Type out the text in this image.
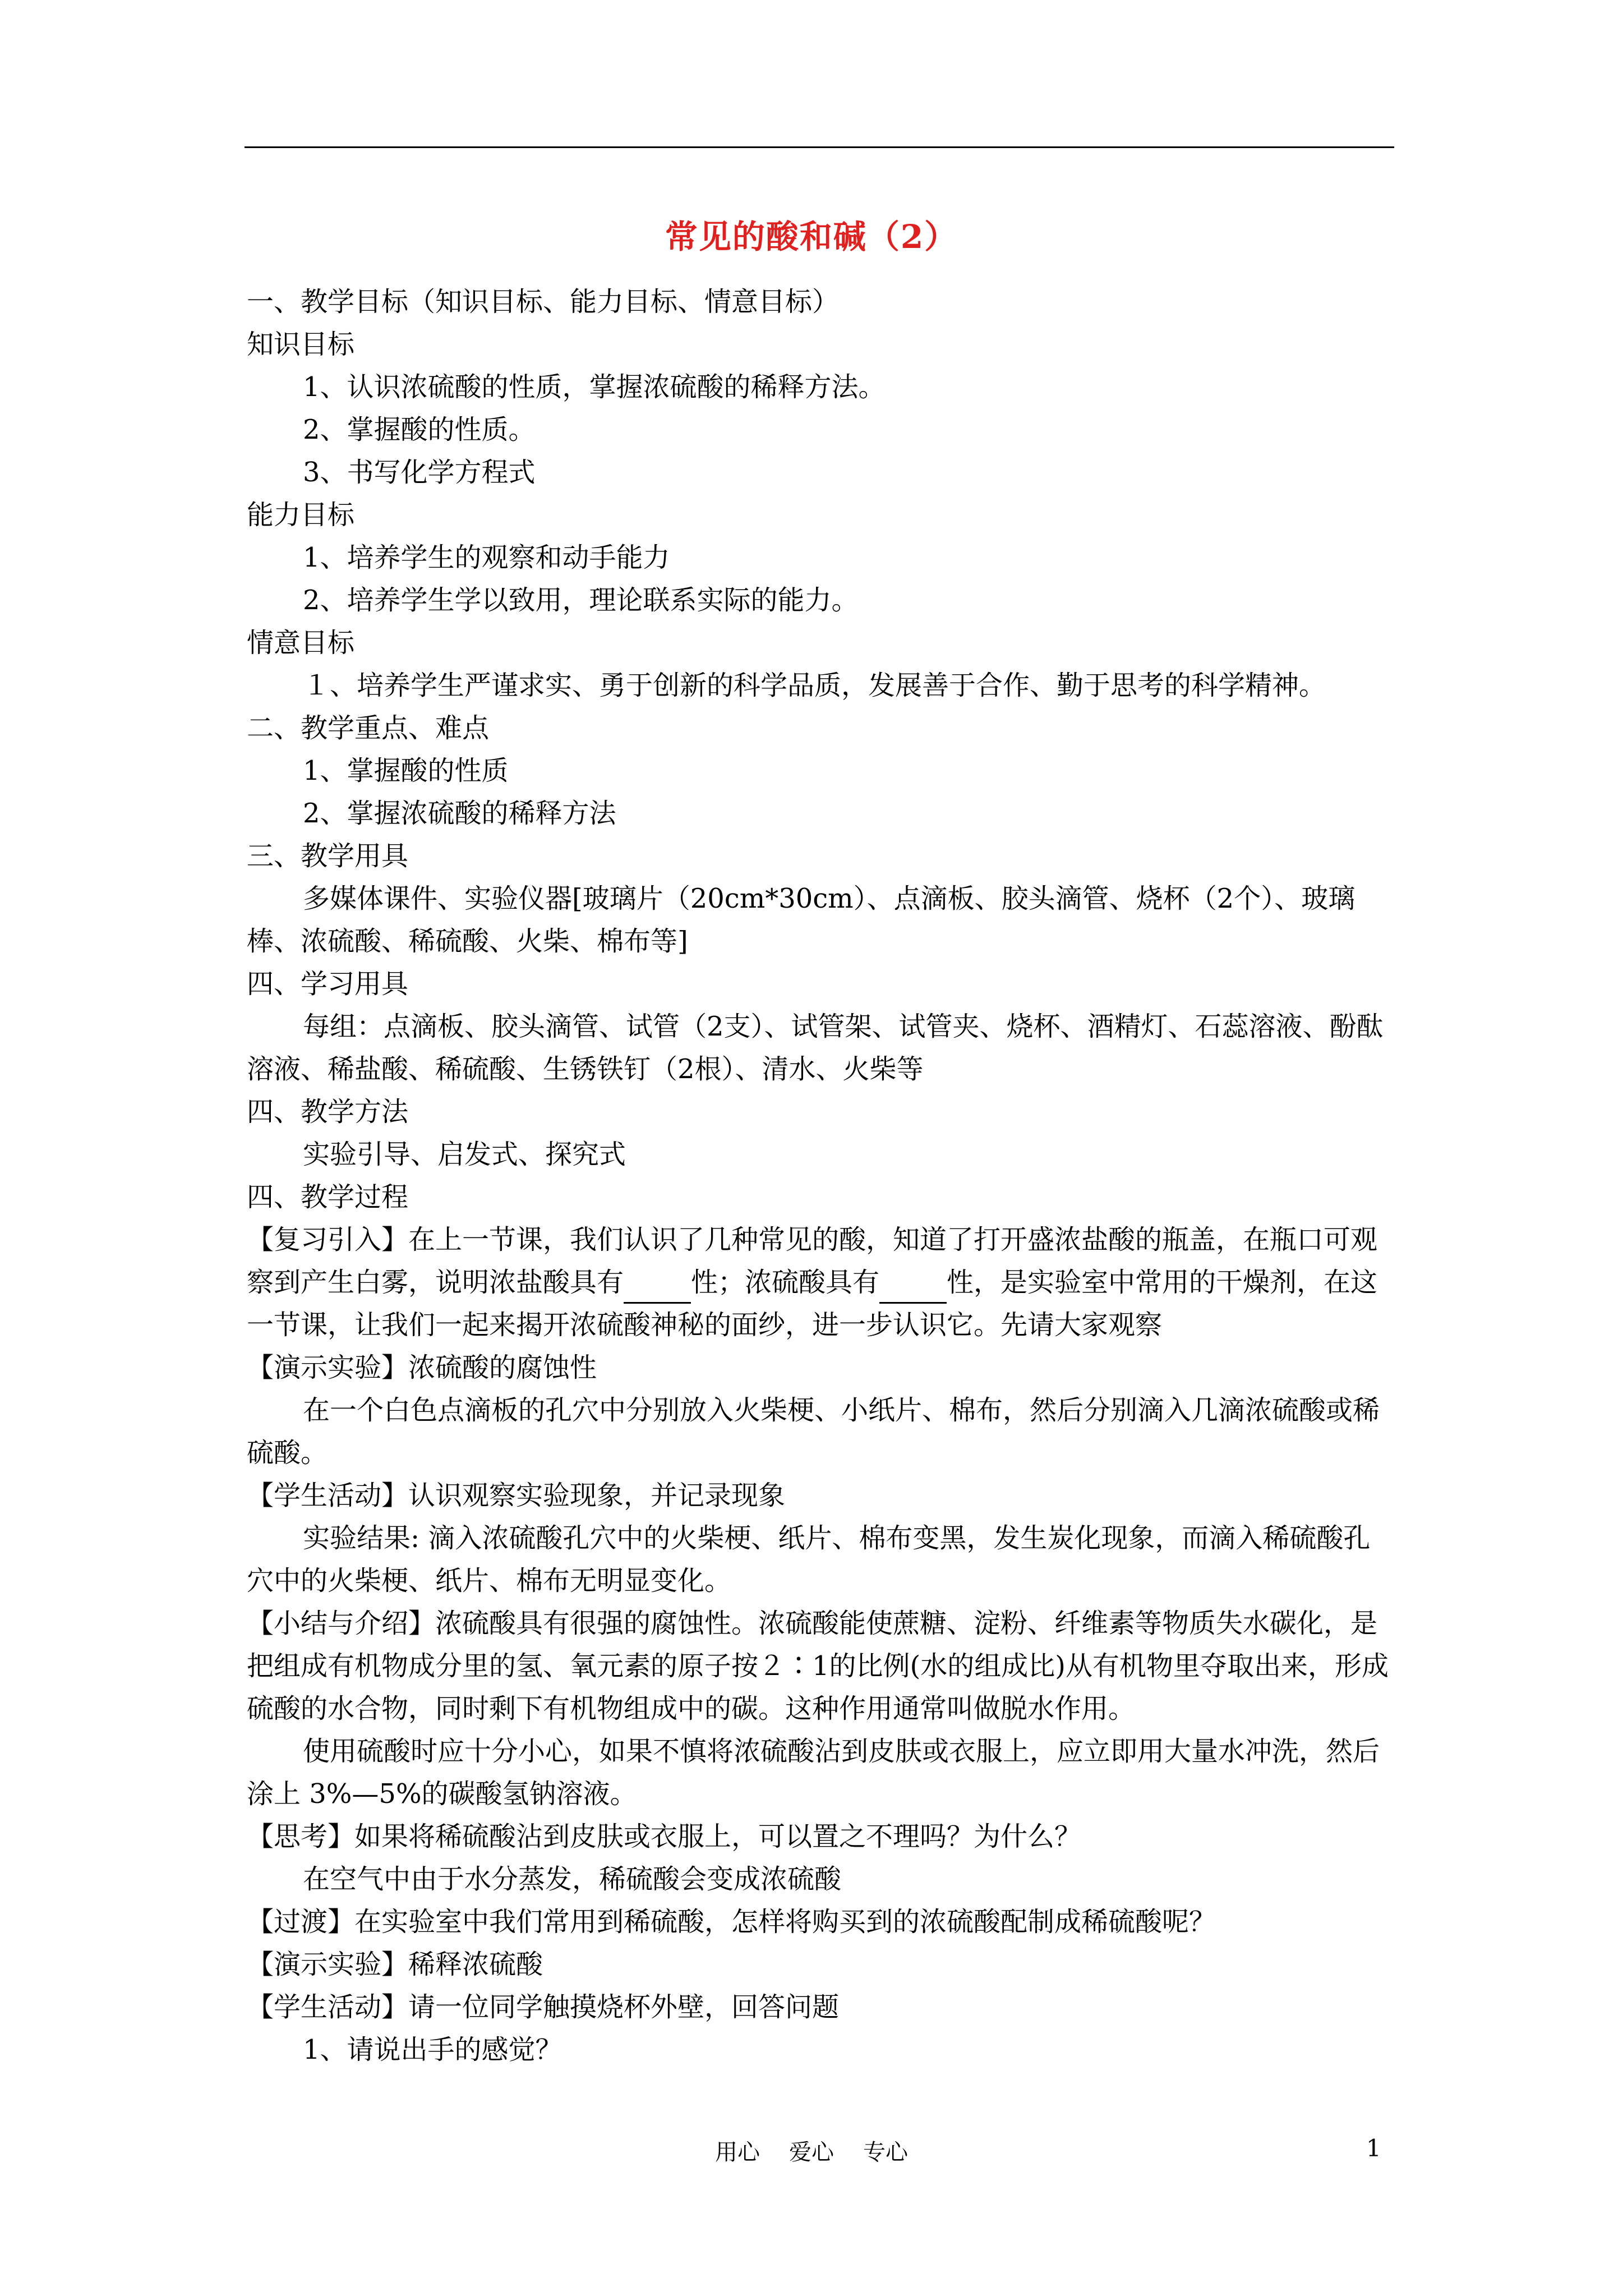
常见的酸和碱（2）

一、教学目标（知识目标、能力目标、情意目标）

知识目标

1、认识浓硫酸的性质，掌握浓硫酸的稀释方法。

2、掌握酸的性质。

3、书写化学方程式

能力目标

1、培养学生的观察和动手能力

2、培养学生学以致用，理论联系实际的能力。

情意目标

１、培养学生严谨求实、勇于创新的科学品质，发展善于合作、勤于思考的科学精神。

二、教学重点、难点

1、掌握酸的性质

2、掌握浓硫酸的稀释方法

三、教学用具

多媒体课件、实验仪器[玻璃片（20cm*30cm）、点滴板、胶头滴管、烧杯（2个）、玻璃棒、浓硫酸、稀硫酸、火柴、棉布等]

四、学习用具

每组：点滴板、胶头滴管、试管（2支）、试管架、试管夹、烧杯、酒精灯、石蕊溶液、酚酞溶液、稀盐酸、稀硫酸、生锈铁钉（2根）、清水、火柴等

四、教学方法

实验引导、启发式、探究式

四、教学过程

【复习引入】在上一节课，我们认识了几种常见的酸，知道了打开盛浓盐酸的瓶盖，在瓶口可观察到产生白雾，说明浓盐酸具有	性；浓硫酸具有	性，是实验室中常用的干燥剂，在这一节课，让我们一起来揭开浓硫酸神秘的面纱，进一步认识它。先请大家观察

【演示实验】浓硫酸的腐蚀性

在一个白色点滴板的孔穴中分别放入火柴梗、小纸片、棉布，然后分别滴入几滴浓硫酸或稀硫酸。

【学生活动】认识观察实验现象，并记录现象

实验结果: 滴入浓硫酸孔穴中的火柴梗、纸片、棉布变黑，发生炭化现象，而滴入稀硫酸孔穴中的火柴梗、纸片、棉布无明显变化。

【小结与介绍】浓硫酸具有很强的腐蚀性。浓硫酸能使蔗糖、淀粉、纤维素等物质失水碳化，是把组成有机物成分里的氢、氧元素的原子按２∶1的比例(水的组成比)从有机物里夺取出来，形成硫酸的水合物，同时剩下有机物组成中的碳。这种作用通常叫做脱水作用。

使用硫酸时应十分小心，如果不慎将浓硫酸沾到皮肤或衣服上，应立即用大量水冲洗，然后涂上 3%—5%的碳酸氢钠溶液。

【思考】如果将稀硫酸沾到皮肤或衣服上，可以置之不理吗？为什么？

在空气中由于水分蒸发，稀硫酸会变成浓硫酸

【过渡】在实验室中我们常用到稀硫酸，怎样将购买到的浓硫酸配制成稀硫酸呢？

【演示实验】稀释浓硫酸

【学生活动】请一位同学触摸烧杯外壁，回答问题

1、请说出手的感觉？

用心 爱心 专心	1
